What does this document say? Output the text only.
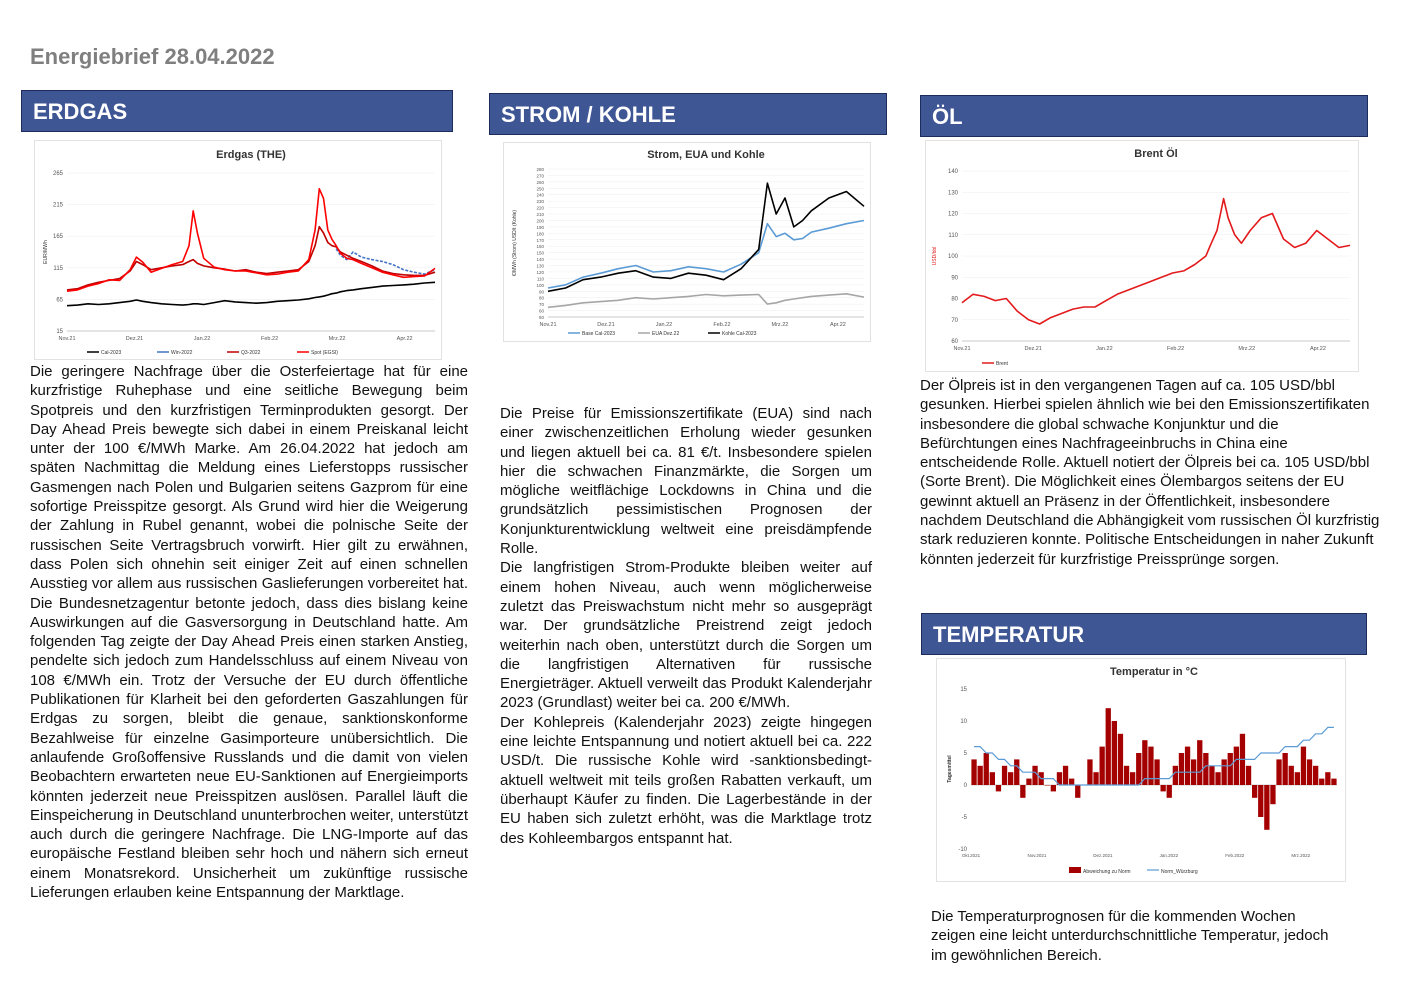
Energiebrief 28.04.2022
ERDGAS
Erdgas (THE)
265
215
165
115
65
15
Nov.21	Dez.21	Jan.22	Feb.22	Mrz.22	Apr.22
EUR/MWh
Cal-2023	Win-2022	Q3-2022	Spot (EGSI)

Die geringere Nachfrage über die Osterfeiertage hat für eine kurzfristige Ruhephase und eine seitliche Bewegung beim Spotpreis und den kurzfristigen Terminprodukten gesorgt. Der Day Ahead Preis bewegte sich dabei in einem Preiskanal leicht unter der 100 €/MWh Marke. Am 26.04.2022 hat jedoch am späten Nachmittag die Meldung eines Lieferstopps russischer Gasmengen nach Polen und Bulgarien seitens Gazprom für eine sofortige Preisspitze gesorgt. Als Grund wird hier die Weigerung der Zahlung in Rubel genannt, wobei die polnische Seite der russischen Seite Vertragsbruch vorwirft. Hier gilt zu erwähnen, dass Polen sich ohnehin seit einiger Zeit auf einen schnellen Ausstieg vor allem aus russischen Gaslieferungen vorbereitet hat. Die Bundesnetzagentur betonte jedoch, dass dies bislang keine Auswirkungen auf die Gasversorgung in Deutschland hatte. Am folgenden Tag zeigte der Day Ahead Preis einen starken Anstieg, pendelte sich jedoch zum Handelsschluss auf einem Niveau von 108 €/MWh ein. Trotz der Versuche der EU durch öffentliche Publikationen für Klarheit bei den geforderten Gaszahlungen für Erdgas zu sorgen, bleibt die genaue, sanktionskonforme Bezahlweise für einzelne Gasimporteure unübersichtlich. Die anlaufende Großoffensive Russlands und die damit von vielen Beobachtern erwarteten neue EU-Sanktionen auf Energieimports könnten jederzeit neue Preisspitzen auslösen. Parallel läuft die Einspeicherung in Deutschland ununterbrochen weiter, unterstützt auch durch die geringere Nachfrage. Die LNG-Importe auf das europäische Festland bleiben sehr hoch und nähern sich erneut einem Monatsrekord. Unsicherheit um zukünftige russische Lieferungen erlauben keine Entspannung der Marktlage.

STROM / KOHLE
Strom, EUA und Kohle
280
270
260
250
240
230
220
210
200
190
180
170
160
150
140
130
120
110
100
90
80
70
60
50
Nov.21	Dez.21	Jan.22	Feb.22	Mrz.22	Apr.22
€/MWh (Strom) USD/t (Kohle)
Base Cal-2023	EUA Dez.22	Kohle Cal-2023

Die Preise für Emissionszertifikate (EUA) sind nach einer zwischenzeitlichen Erholung wieder gesunken und liegen aktuell bei ca. 81 €/t. Insbesondere spielen hier die schwachen Finanzmärkte, die Sorgen um mögliche weitflächige Lockdowns in China und die grundsätzlich pessimistischen Prognosen der Konjunkturentwicklung weltweit eine preisdämpfende Rolle.

Die langfristigen Strom-Produkte bleiben weiter auf einem hohen Niveau, auch wenn möglicherweise zuletzt das Preiswachstum nicht mehr so ausgeprägt war. Der grundsätzliche Preistrend zeigt jedoch weiterhin nach oben, unterstützt durch die Sorgen um die langfristigen Alternativen für russische Energieträger. Aktuell verweilt das Produkt Kalenderjahr 2023 (Grundlast) weiter bei ca. 200 €/MWh.

Der Kohlepreis (Kalenderjahr 2023) zeigte hingegen eine leichte Entspannung und notiert aktuell bei ca. 222 USD/t. Die russische Kohle wird -sanktionsbedingt- aktuell weltweit mit teils großen Rabatten verkauft, um überhaupt Käufer zu finden. Die Lagerbestände in der EU haben sich zuletzt erhöht, was die Marktlage trotz des Kohleembargos entspannt hat.

ÖL
Brent Öl
140
130
120
110
100
90
80
70
60
Nov.21	Dez.21	Jan.22	Feb.22	Mrz.22	Apr.22
USD/bbl
Brent

Der Ölpreis ist in den vergangenen Tagen auf ca. 105 USD/bbl gesunken. Hierbei spielen ähnlich wie bei den Emissionszertifikaten insbesondere die global schwache Konjunktur und die Befürchtungen eines Nachfrageeinbruchs in China eine entscheidende Rolle. Aktuell notiert der Ölpreis bei ca. 105 USD/bbl (Sorte Brent). Die Möglichkeit eines Ölembargos seitens der EU gewinnt aktuell an Präsenz in der Öffentlichkeit, insbesondere nachdem Deutschland die Abhängigkeit vom russischen Öl kurzfristig stark reduzieren konnte. Politische Entscheidungen in naher Zukunft könnten jederzeit für kurzfristige Preissprünge sorgen.

TEMPERATUR
Temperatur in °C
15
10
5
0
-5
-10
Tagesmittel
Okt.2021	Nov.2021	Dez.2021	Jan.2022	Feb.2022	Mrz.2022
Abweichung zu Norm	Norm_Würzburg

Die Temperaturprognosen für die kommenden Wochen zeigen eine leicht unterdurchschnittliche Temperatur, jedoch im gewöhnlichen Bereich.
